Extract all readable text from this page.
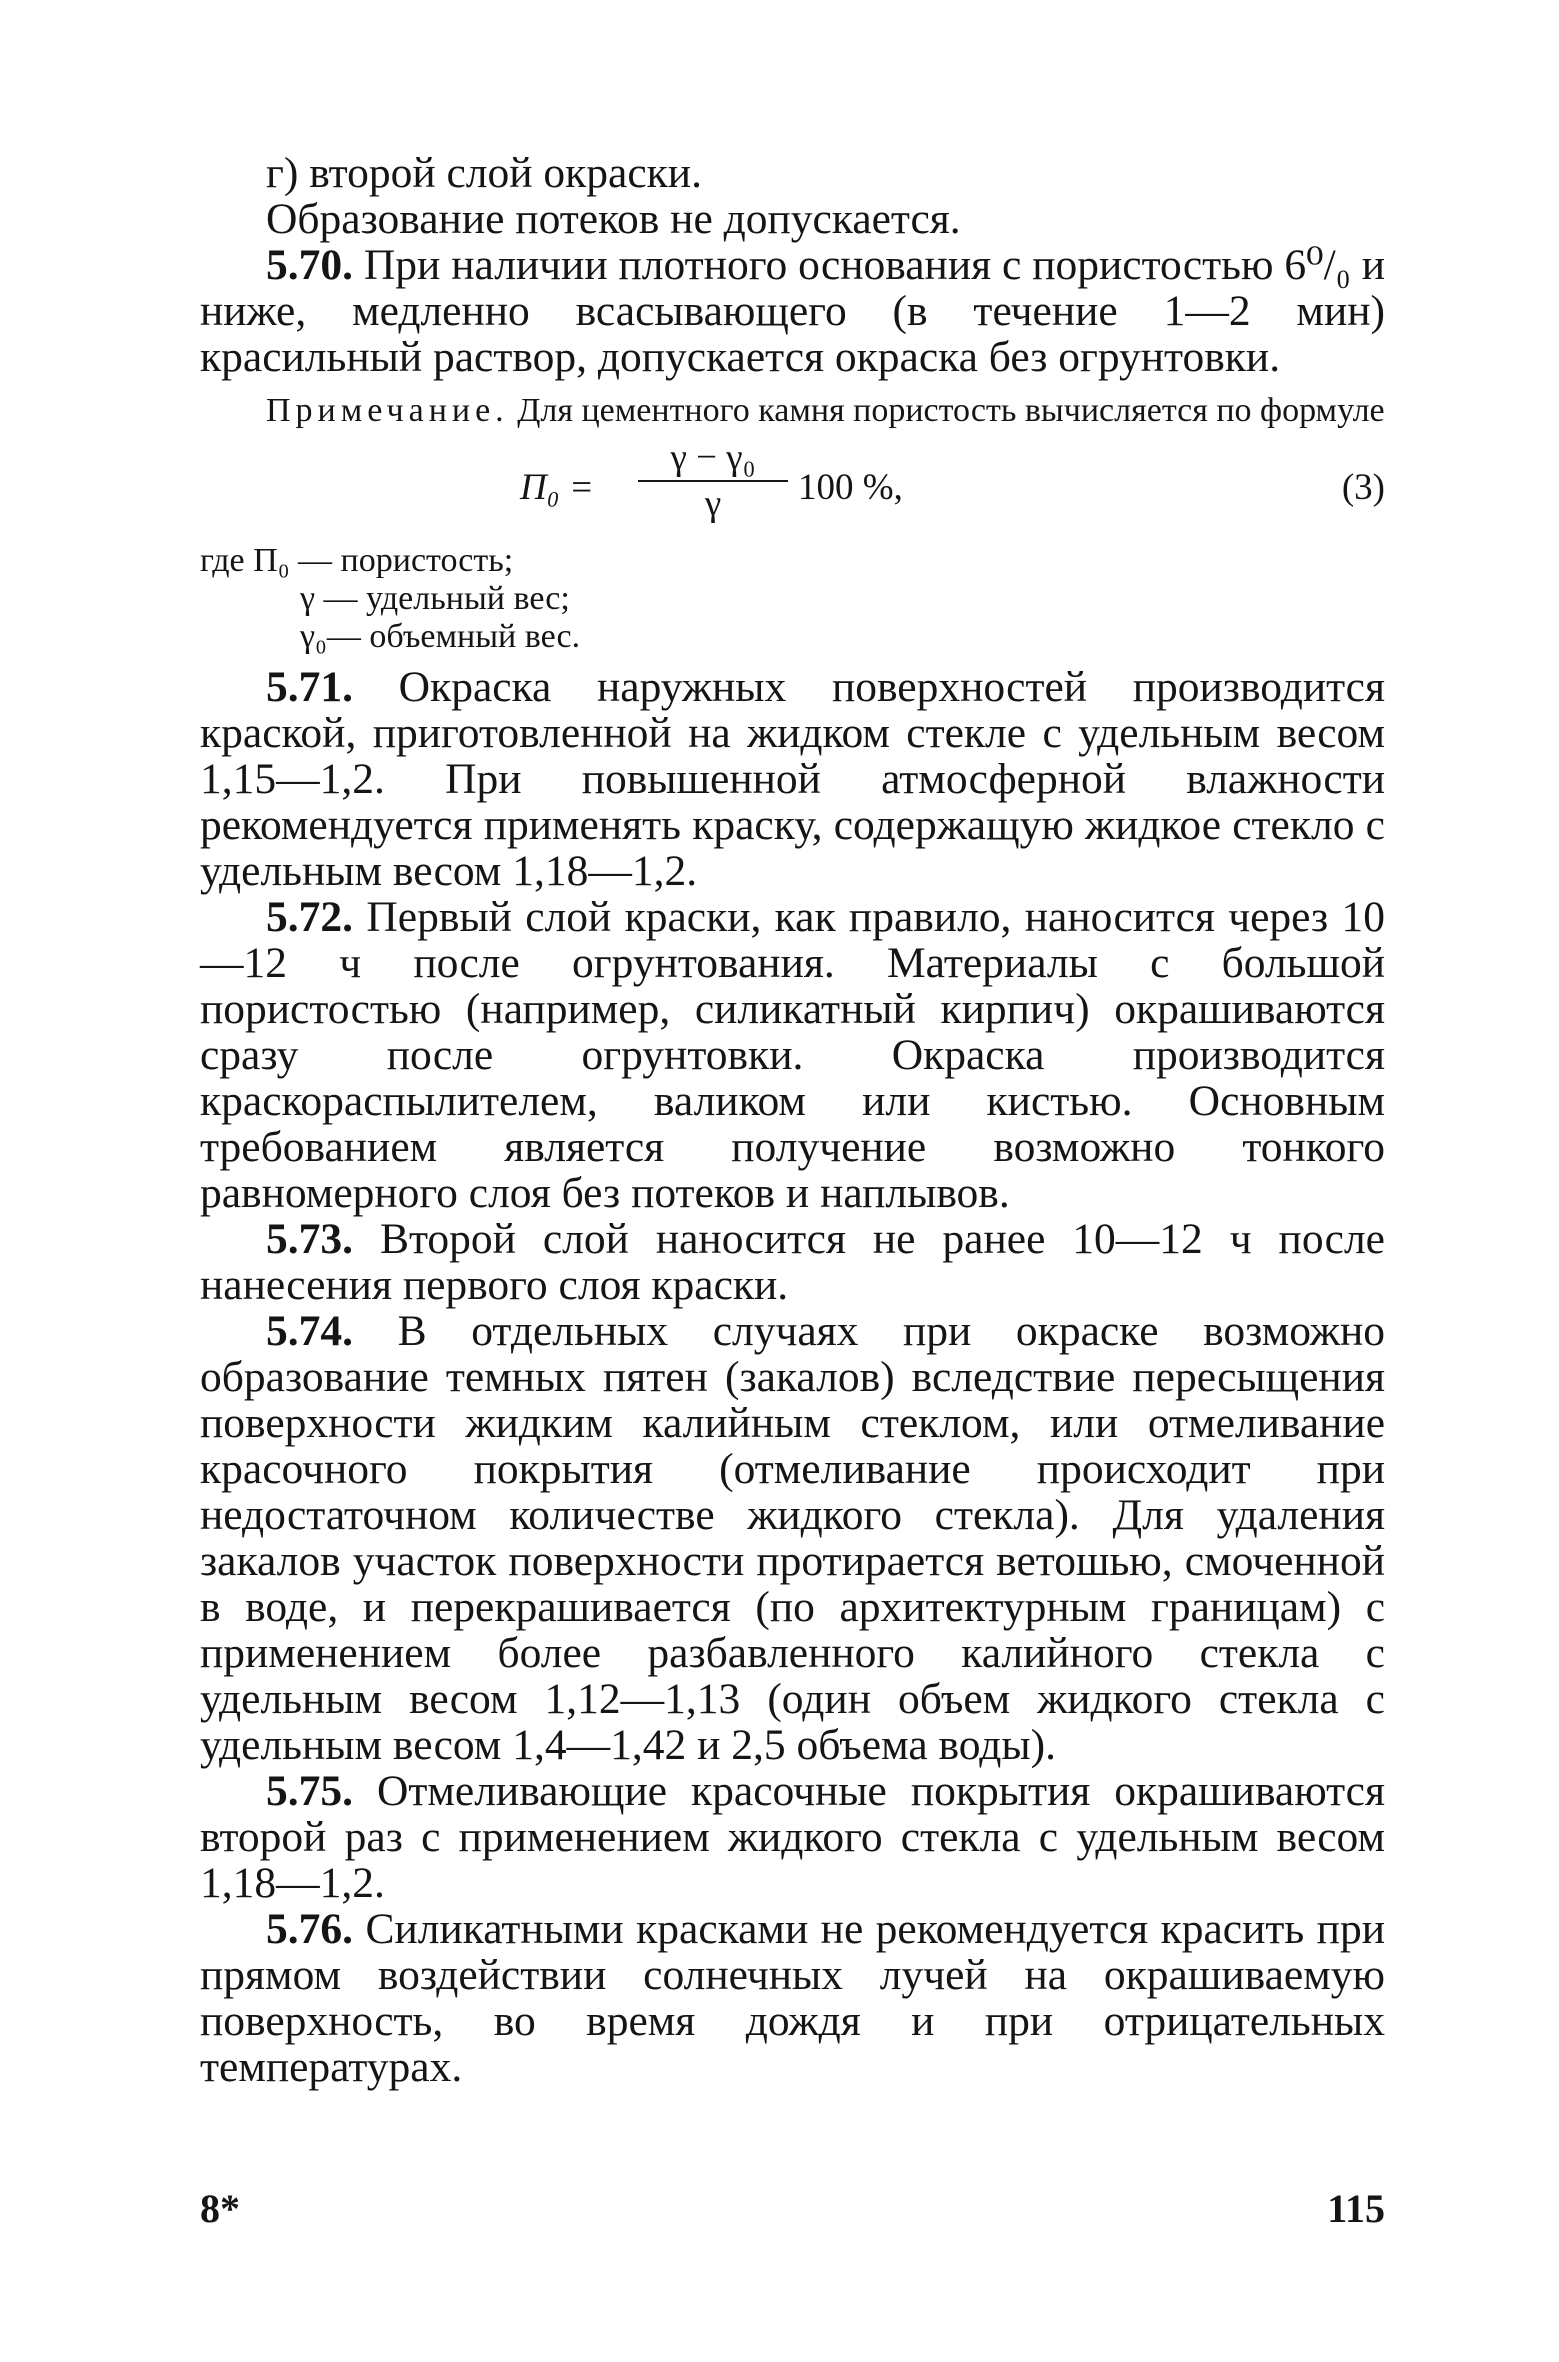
г) второй слой окраски.

Образование потеков не допускается.

5.70. При наличии плотного основания с пористостью 6⁰/₀ и ниже, медленно всасывающего (в течение 1—2 мин) красильный раствор, допускается окраска без огрунтовки.

Примечание. Для цементного камня пористость вычисляется по формуле

П₀ =
γ − γ₀
γ	100 %,	(3)
где П₀ — пористость;
γ — удельный вес;
γ₀— объемный вес.

5.71. Окраска наружных поверхностей производится краской, приготовленной на жидком стекле с удельным весом 1,15—1,2. При повышенной атмосферной влажности рекомендуется применять краску, содержащую жидкое стекло с удельным весом 1,18—1,2.

5.72. Первый слой краски, как правило, наносится через 10—12 ч после огрунтования. Материалы с большой пористостью (например, силикатный кирпич) окрашиваются сразу после огрунтовки. Окраска производится краскораспылителем, валиком или кистью. Основным требованием является получение возможно тонкого равномерного слоя без потеков и наплывов.

5.73. Второй слой наносится не ранее 10—12 ч после нанесения первого слоя краски.

5.74. В отдельных случаях при окраске возможно образование темных пятен (закалов) вследствие пересыщения поверхности жидким калийным стеклом, или отмеливание красочного покрытия (отмеливание происходит при недостаточном количестве жидкого стекла). Для удаления закалов участок поверхности протирается ветошью, смоченной в воде, и перекрашивается (по архитектурным границам) с применением более разбавленного калийного стекла с удельным весом 1,12—1,13 (один объем жидкого стекла с удельным весом 1,4—1,42 и 2,5 объема воды).

5.75. Отмеливающие красочные покрытия окрашиваются второй раз с применением жидкого стекла с удельным весом 1,18—1,2.

5.76. Силикатными красками не рекомендуется красить при прямом воздействии солнечных лучей на окрашиваемую поверхность, во время дождя и при отрицательных температурах.

8*	115
